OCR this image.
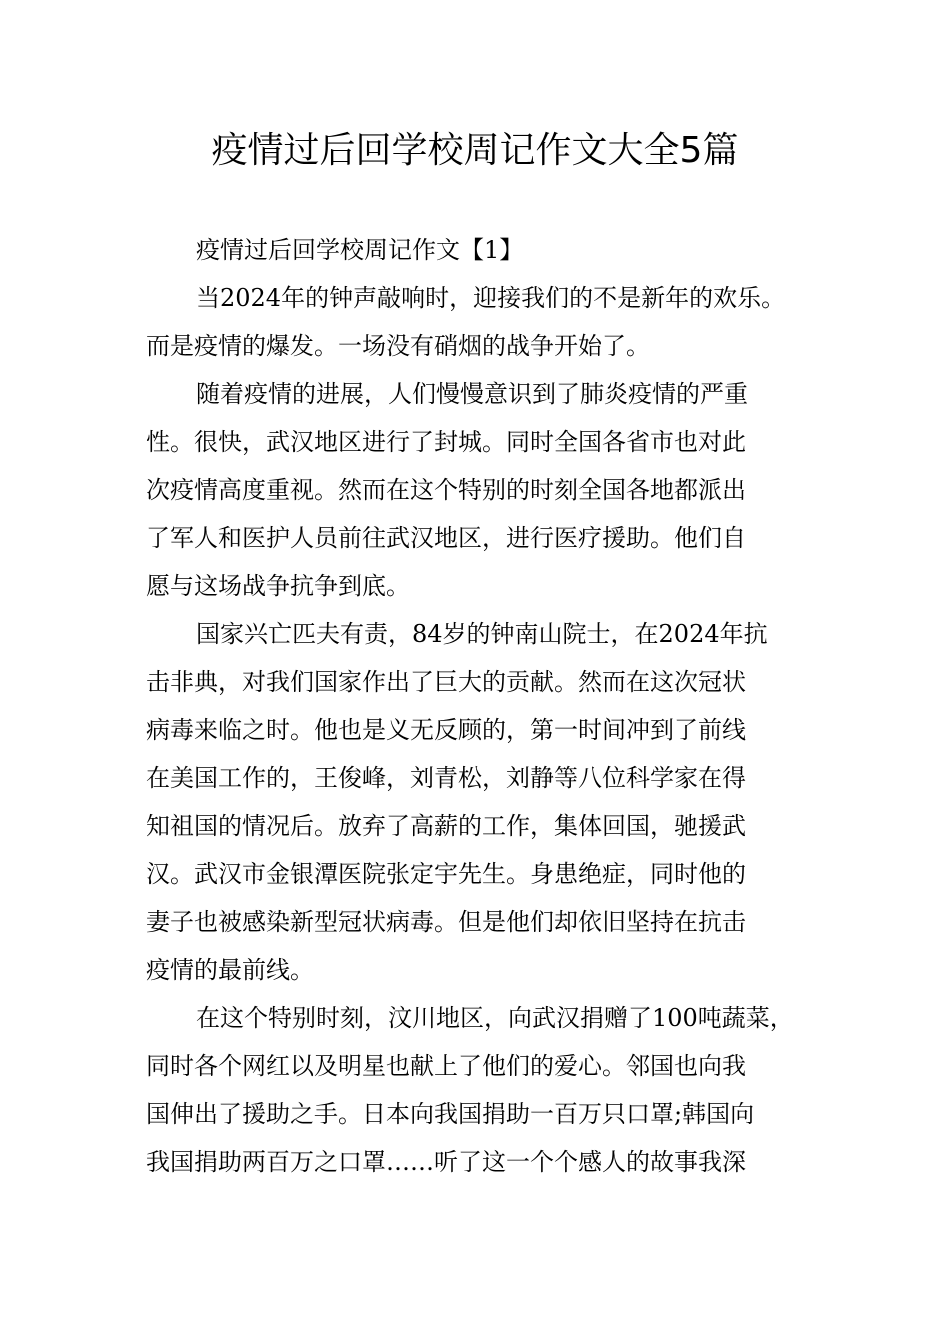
疫情过后回学校周记作文大全5篇
疫情过后回学校周记作文【1】
当2024年的钟声敲响时，迎接我们的不是新年的欢乐。
而是疫情的爆发。一场没有硝烟的战争开始了。
随着疫情的进展，人们慢慢意识到了肺炎疫情的严重
性。很快，武汉地区进行了封城。同时全国各省市也对此
次疫情高度重视。然而在这个特别的时刻全国各地都派出
了军人和医护人员前往武汉地区，进行医疗援助。他们自
愿与这场战争抗争到底。
国家兴亡匹夫有责，84岁的钟南山院士，在2024年抗
击非典，对我们国家作出了巨大的贡献。然而在这次冠状
病毒来临之时。他也是义无反顾的，第一时间冲到了前线
在美国工作的，王俊峰，刘青松，刘静等八位科学家在得
知祖国的情况后。放弃了高薪的工作，集体回国，驰援武
汉。武汉市金银潭医院张定宇先生。身患绝症，同时他的
妻子也被感染新型冠状病毒。但是他们却依旧坚持在抗击
疫情的最前线。
在这个特别时刻，汶川地区，向武汉捐赠了100吨蔬菜，
同时各个网红以及明星也献上了他们的爱心。邻国也向我
国伸出了援助之手。日本向我国捐助一百万只口罩;韩国向
我国捐助两百万之口罩……听了这一个个感人的故事我深
